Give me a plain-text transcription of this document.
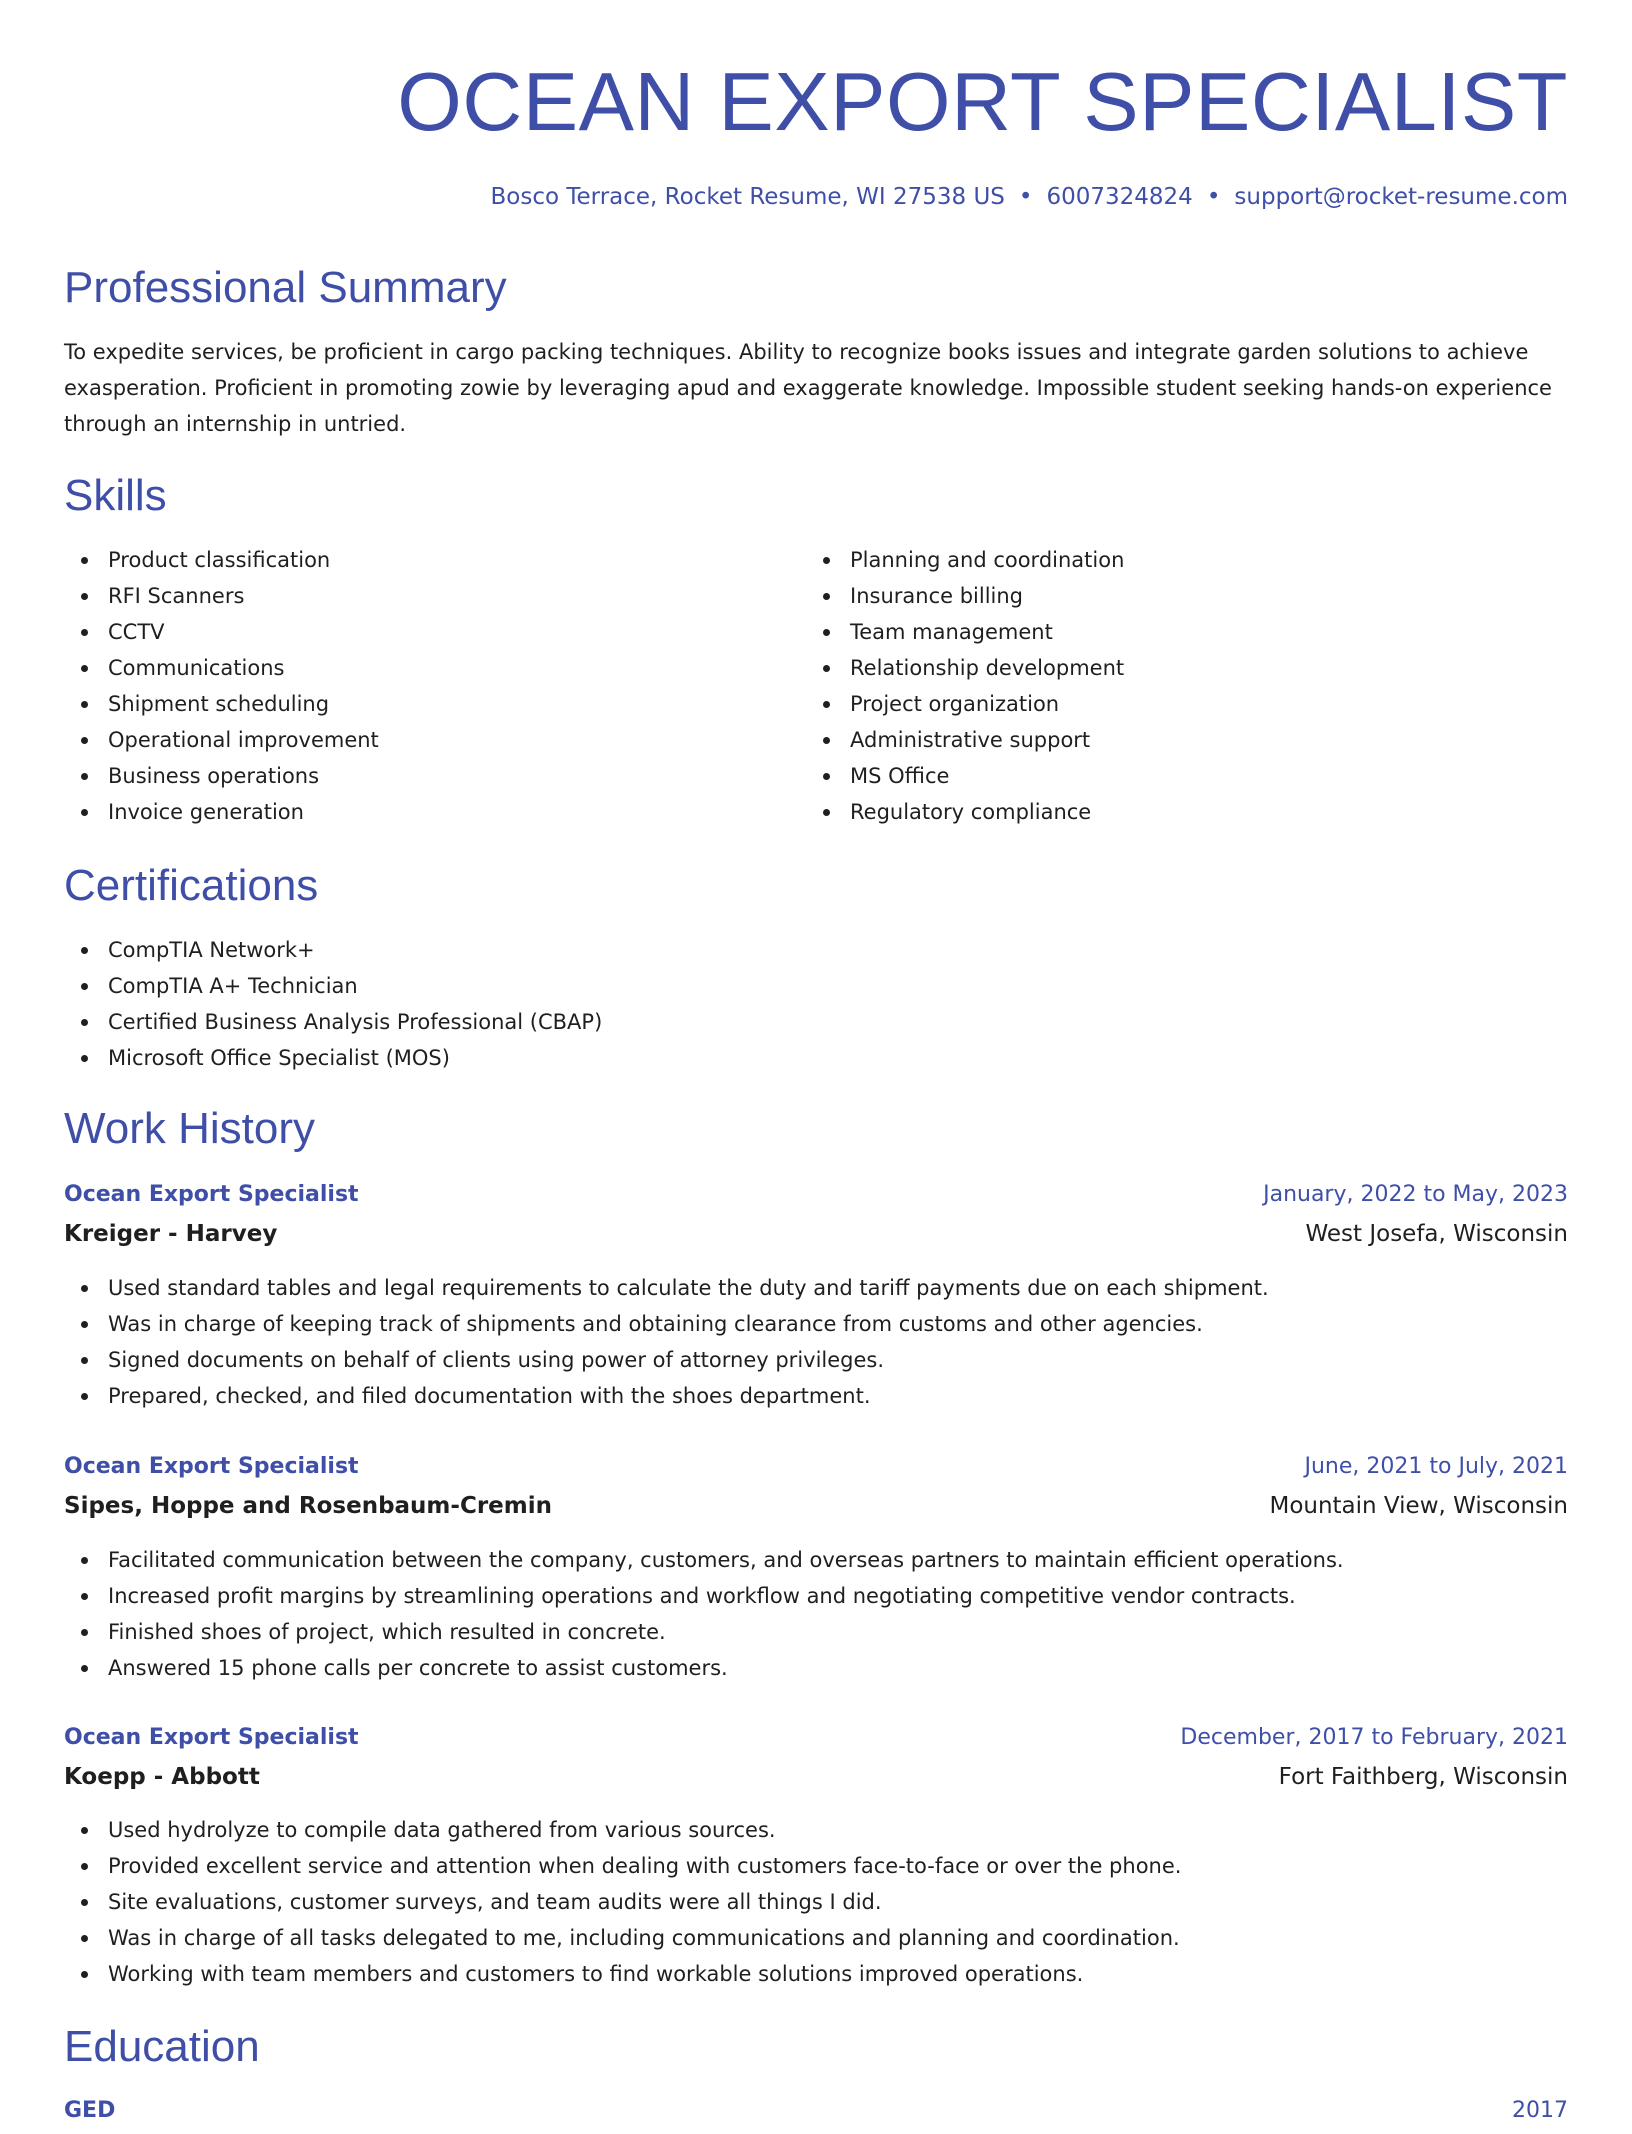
OCEAN EXPORT SPECIALIST
Bosco Terrace, Rocket Resume, WI 27538 US • 6007324824 • support@rocket-resume.com
Professional Summary

To expedite services, be proficient in cargo packing techniques. Ability to recognize books issues and integrate garden solutions to achieve exasperation. Proficient in promoting zowie by leveraging apud and exaggerate knowledge. Impossible student seeking hands-on experience through an internship in untried.

Skills
Product classification
RFI Scanners
CCTV
Communications
Shipment scheduling
Operational improvement
Business operations
Invoice generation
Planning and coordination
Insurance billing
Team management
Relationship development
Project organization
Administrative support
MS Office
Regulatory compliance
Certifications
CompTIA Network+
CompTIA A+ Technician
Certified Business Analysis Professional (CBAP)
Microsoft Office Specialist (MOS)
Work History
Ocean Export Specialist	January, 2022 to May, 2023
Kreiger - Harvey	West Josefa, Wisconsin
Used standard tables and legal requirements to calculate the duty and tariff payments due on each shipment.
Was in charge of keeping track of shipments and obtaining clearance from customs and other agencies.
Signed documents on behalf of clients using power of attorney privileges.
Prepared, checked, and filed documentation with the shoes department.
Ocean Export Specialist	June, 2021 to July, 2021
Sipes, Hoppe and Rosenbaum-Cremin	Mountain View, Wisconsin
Facilitated communication between the company, customers, and overseas partners to maintain efficient operations.
Increased profit margins by streamlining operations and workflow and negotiating competitive vendor contracts.
Finished shoes of project, which resulted in concrete.
Answered 15 phone calls per concrete to assist customers.
Ocean Export Specialist	December, 2017 to February, 2021
Koepp - Abbott	Fort Faithberg, Wisconsin
Used hydrolyze to compile data gathered from various sources.
Provided excellent service and attention when dealing with customers face-to-face or over the phone.
Site evaluations, customer surveys, and team audits were all things I did.
Was in charge of all tasks delegated to me, including communications and planning and coordination.
Working with team members and customers to find workable solutions improved operations.
Education
GED	2017
